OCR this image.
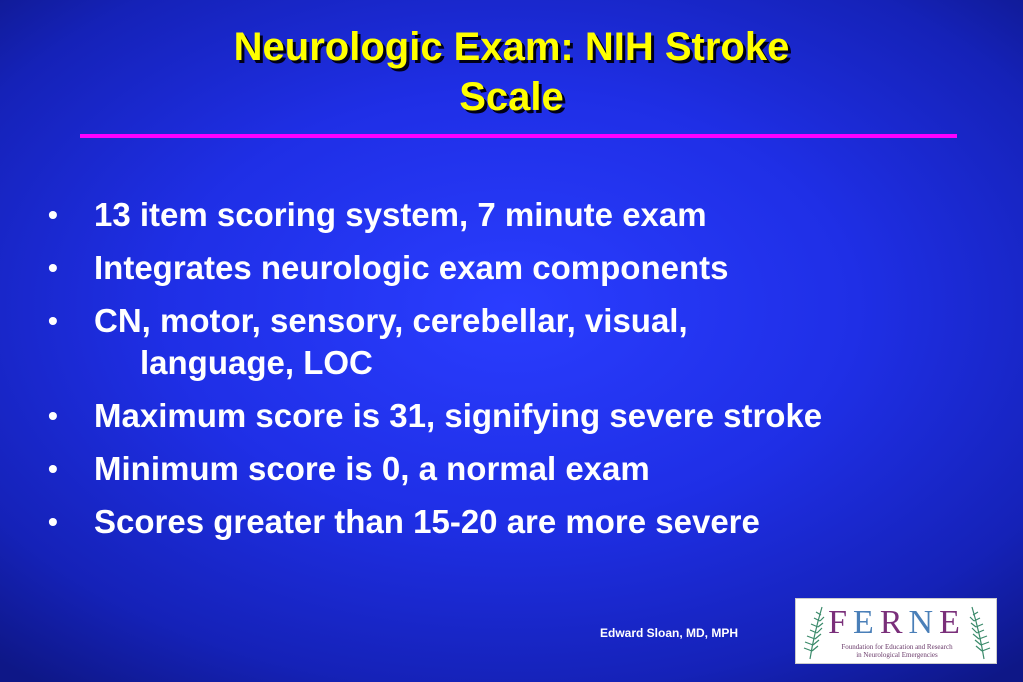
Neurologic Exam: NIH Stroke
Scale
• 13 item scoring system, 7 minute exam
• Integrates neurologic exam components
• CN, motor, sensory, cerebellar, visual,
language, LOC
• Maximum score is 31, signifying severe stroke
• Minimum score is 0, a normal exam
• Scores greater than 15-20 are more severe
Edward Sloan, MD, MPH	FERNE
Foundation for Education and Research
in Neurological Emergencies
